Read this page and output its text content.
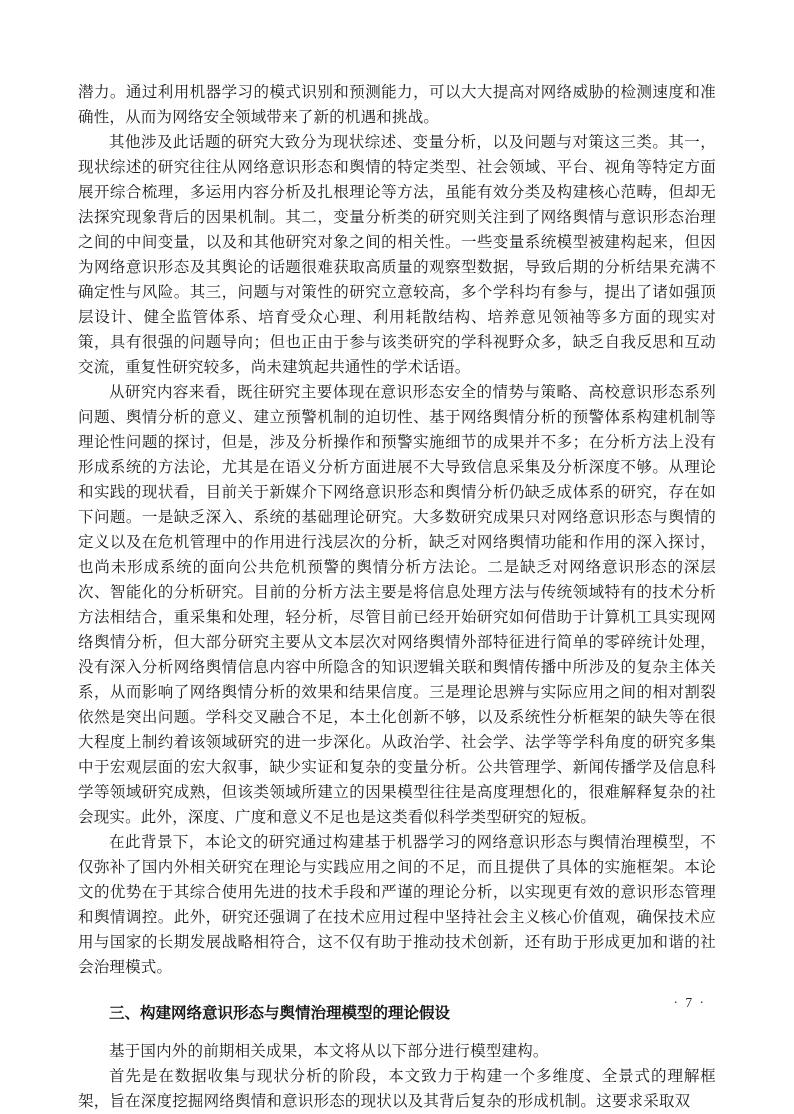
潜力。通过利用机器学习的模式识别和预测能力，可以大大提高对网络威胁的检测速度和准确性，从而为网络安全领域带来了新的机遇和挑战。

其他涉及此话题的研究大致分为现状综述、变量分析，以及问题与对策这三类。其一，现状综述的研究往往从网络意识形态和舆情的特定类型、社会领域、平台、视角等特定方面展开综合梳理，多运用内容分析及扎根理论等方法，虽能有效分类及构建核心范畴，但却无法探究现象背后的因果机制。其二，变量分析类的研究则关注到了网络舆情与意识形态治理之间的中间变量，以及和其他研究对象之间的相关性。一些变量系统模型被建构起来，但因为网络意识形态及其舆论的话题很难获取高质量的观察型数据，导致后期的分析结果充满不确定性与风险。其三，问题与对策性的研究立意较高，多个学科均有参与，提出了诸如强顶层设计、健全监管体系、培育受众心理、利用耗散结构、培养意见领袖等多方面的现实对策，具有很强的问题导向；但也正由于参与该类研究的学科视野众多，缺乏自我反思和互动交流，重复性研究较多，尚未建筑起共通性的学术话语。

从研究内容来看，既往研究主要体现在意识形态安全的情势与策略、高校意识形态系列问题、舆情分析的意义、建立预警机制的迫切性、基于网络舆情分析的预警体系构建机制等理论性问题的探讨，但是，涉及分析操作和预警实施细节的成果并不多；在分析方法上没有形成系统的方法论，尤其是在语义分析方面进展不大导致信息采集及分析深度不够。从理论和实践的现状看，目前关于新媒介下网络意识形态和舆情分析仍缺乏成体系的研究，存在如下问题。一是缺乏深入、系统的基础理论研究。大多数研究成果只对网络意识形态与舆情的定义以及在危机管理中的作用进行浅层次的分析，缺乏对网络舆情功能和作用的深入探讨，也尚未形成系统的面向公共危机预警的舆情分析方法论。二是缺乏对网络意识形态的深层次、智能化的分析研究。目前的分析方法主要是将信息处理方法与传统领域特有的技术分析方法相结合，重采集和处理，轻分析，尽管目前已经开始研究如何借助于计算机工具实现网络舆情分析，但大部分研究主要从文本层次对网络舆情外部特征进行简单的零碎统计处理，没有深入分析网络舆情信息内容中所隐含的知识逻辑关联和舆情传播中所涉及的复杂主体关系，从而影响了网络舆情分析的效果和结果信度。三是理论思辨与实际应用之间的相对割裂依然是突出问题。学科交叉融合不足，本土化创新不够，以及系统性分析框架的缺失等在很大程度上制约着该领域研究的进一步深化。从政治学、社会学、法学等学科角度的研究多集中于宏观层面的宏大叙事，缺少实证和复杂的变量分析。公共管理学、新闻传播学及信息科学等领域研究成熟，但该类领域所建立的因果模型往往是高度理想化的，很难解释复杂的社会现实。此外，深度、广度和意义不足也是这类看似科学类型研究的短板。

在此背景下，本论文的研究通过构建基于机器学习的网络意识形态与舆情治理模型，不仅弥补了国内外相关研究在理论与实践应用之间的不足，而且提供了具体的实施框架。本论文的优势在于其综合使用先进的技术手段和严谨的理论分析，以实现更有效的意识形态管理和舆情调控。此外，研究还强调了在技术应用过程中坚持社会主义核心价值观，确保技术应用与国家的长期发展战略相符合，这不仅有助于推动技术创新，还有助于形成更加和谐的社会治理模式。

三、构建网络意识形态与舆情治理模型的理论假设

基于国内外的前期相关成果，本文将从以下部分进行模型建构。

首先是在数据收集与现状分析的阶段，本文致力于构建一个多维度、全景式的理解框架，旨在深度挖掘网络舆情和意识形态的现状以及其背后复杂的形成机制。这要求采取双

· 7 ·
